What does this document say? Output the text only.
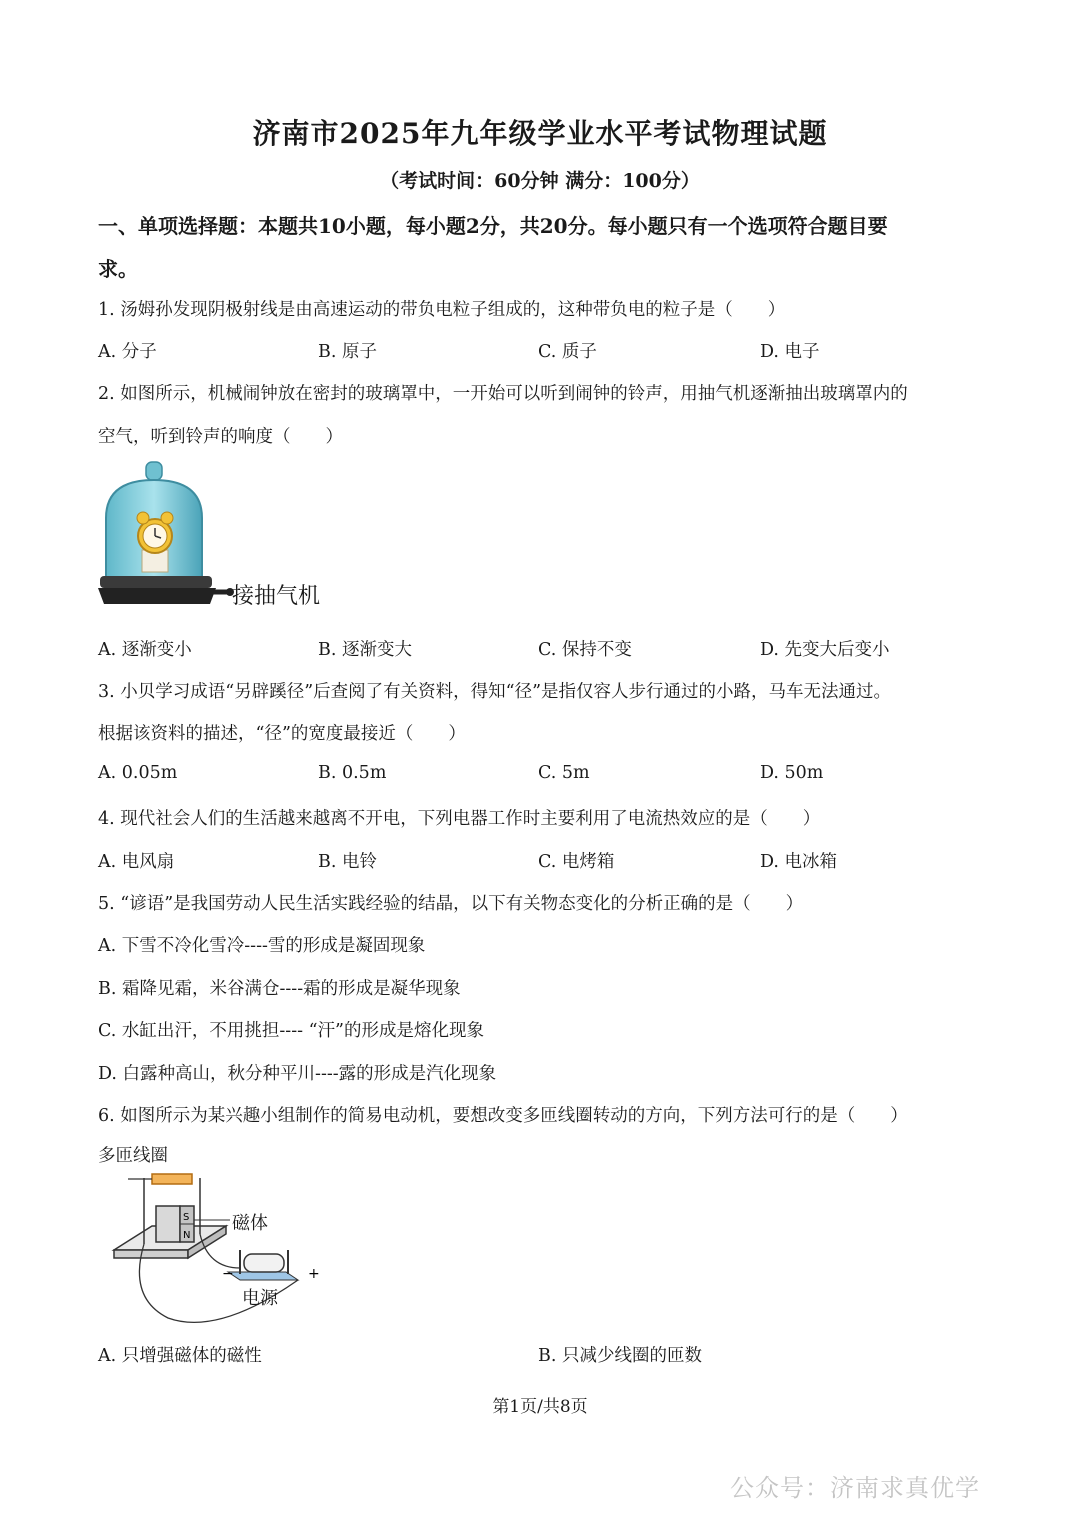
济南市2025年九年级学业水平考试物理试题
（考试时间：60分钟 满分：100分）
一、单项选择题：本题共10小题，每小题2分，共20分。每小题只有一个选项符合题目要
求。
1. 汤姆孙发现阴极射线是由高速运动的带负电粒子组成的，这种带负电的粒子是（　　）
A. 分子	B. 原子	C. 质子	D. 电子
2. 如图所示，机械闹钟放在密封的玻璃罩中，一开始可以听到闹钟的铃声，用抽气机逐渐抽出玻璃罩内的
空气，听到铃声的响度（　　）
接抽气机
A. 逐渐变小	B. 逐渐变大	C. 保持不变	D. 先变大后变小
3. 小贝学习成语“另辟蹊径”后查阅了有关资料，得知“径”是指仅容人步行通过的小路，马车无法通过。
根据该资料的描述，“径”的宽度最接近（　　）
A. 0.05m	B. 0.5m	C. 5m	D. 50m
4. 现代社会人们的生活越来越离不开电，下列电器工作时主要利用了电流热效应的是（　　）
A. 电风扇	B. 电铃	C. 电烤箱	D. 电冰箱
5. “谚语”是我国劳动人民生活实践经验的结晶，以下有关物态变化的分析正确的是（　　）
A. 下雪不冷化雪冷----雪的形成是凝固现象
B. 霜降见霜，米谷满仓----霜的形成是凝华现象
C. 水缸出汗，不用挑担---- “汗”的形成是熔化现象
D. 白露种高山，秋分种平川----露的形成是汽化现象
6. 如图所示为某兴趣小组制作的简易电动机，要想改变多匝线圈转动的方向，下列方法可行的是（　　）
多匝线圈
S
N
−	+
磁体
电源
A. 只增强磁体的磁性	B. 只减少线圈的匝数
第1页/共8页
公众号：济南求真优学
